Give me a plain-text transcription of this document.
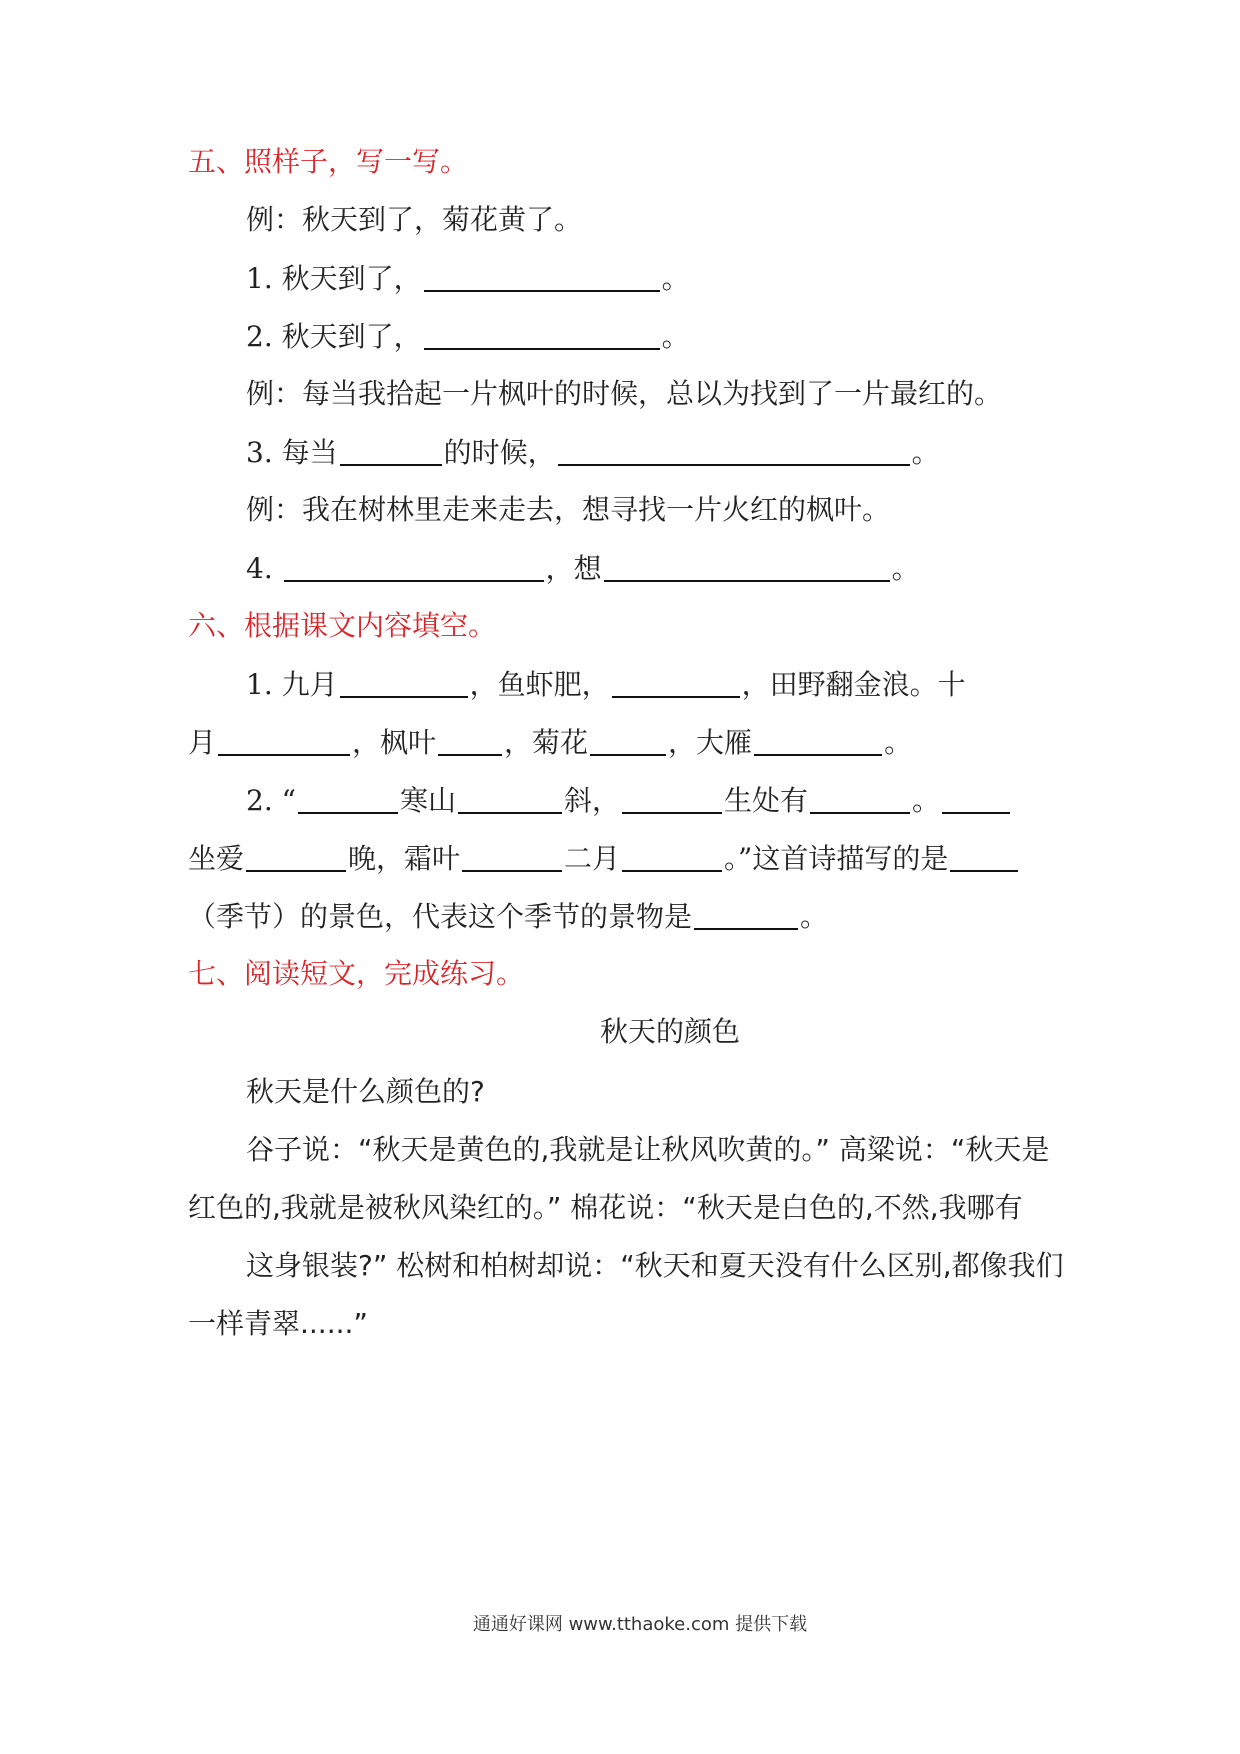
五、照样子，写一写。
例：秋天到了，菊花黄了。
1. 秋天到了，	。
2. 秋天到了，	。
例：每当我拾起一片枫叶的时候，总以为找到了一片最红的。
3. 每当	的时候，	。
例：我在树林里走来走去，想寻找一片火红的枫叶。
4.	，想	。
六、根据课文内容填空。
1. 九月	，鱼虾肥，	，田野翻金浪。十
月	，枫叶 ，菊花	，大雁	。
2. “	寒山	斜，	生处有	。
坐爱	晚，霜叶	二月	。”这首诗描写的是
（季节）的景色，代表这个季节的景物是	。
七、阅读短文，完成练习。
秋天的颜色
秋天是什么颜色的?
谷子说：“秋天是黄色的,我就是让秋风吹黄的。” 高粱说：“秋天是
红色的,我就是被秋风染红的。” 棉花说：“秋天是白色的,不然,我哪有
这身银装?” 松树和柏树却说：“秋天和夏天没有什么区别,都像我们
一样青翠......”
通通好课网 www.tthaoke.com 提供下载
